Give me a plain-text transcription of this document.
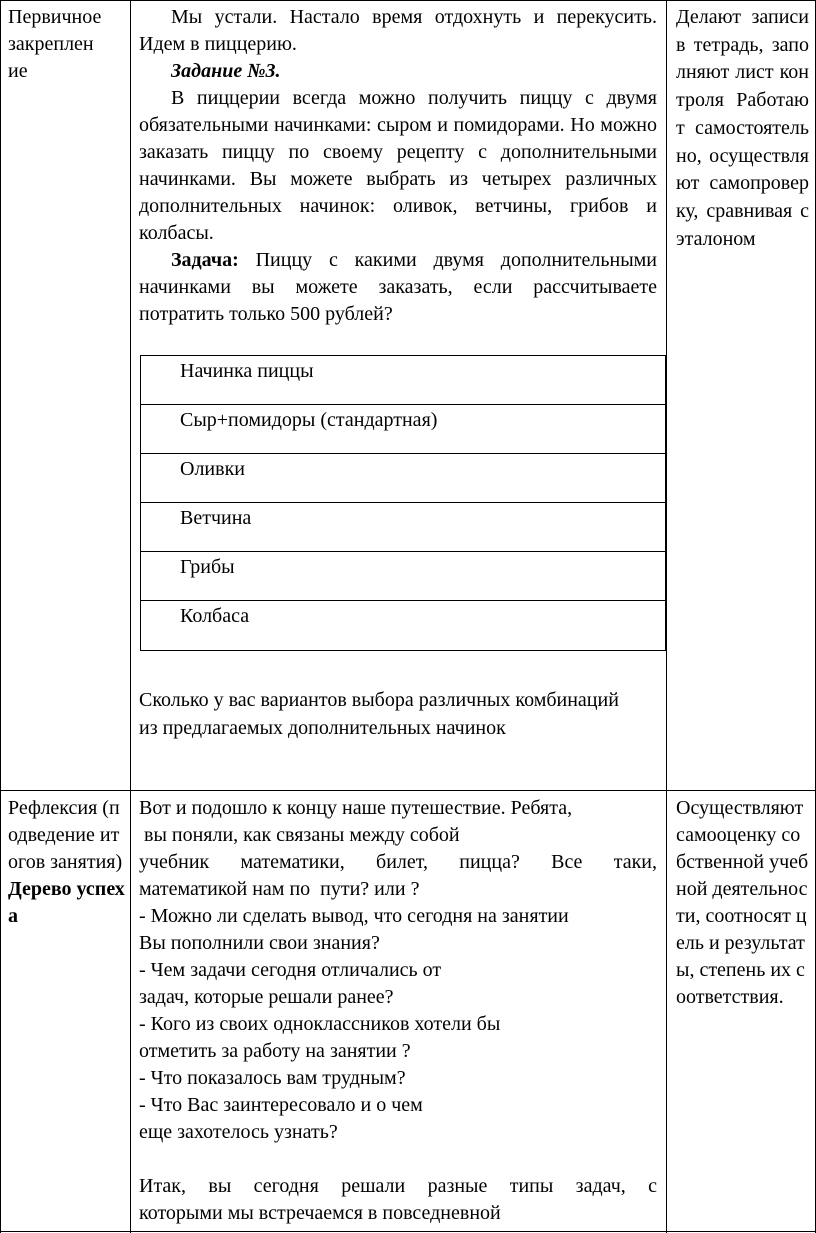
Первичное
закреплен
ие

Мы устали. Настало время отдохнуть и перекусить. Идем в пиццерию.

Задание №3.

В пиццерии всегда можно получить пиццу с двумя обязательными начинками: сыром и помидорами. Но можно заказать пиццу по своему рецепту с дополнительными начинками. Вы можете выбрать из четырех различных дополнительных начинок: оливок, ветчины, грибов и колбасы.

Задача: Пиццу с какими двумя дополнительными начинками вы можете заказать, если рассчитываете потратить только 500 рублей?

Начинка пиццы
Сыр+помидоры (стандартная)
Оливки
Ветчина
Грибы
Колбаса
Сколько у вас вариантов выбора различных комбинаций из предлагаемых дополнительных начинок
Делают записи в тетрадь, заполняют лист контроля Работают самостоятельно, осуществляют самопроверку, сравнивая с эталоном
Рефлексия (подведение итогов занятия)Дерево успеха

Вот и подошло к концу наше путешествие. Ребята,

вы поняли, как связаны между собой

учебник математики, билет, пицца? Все таки,

математикой нам по  пути? или ?

- Можно ли сделать вывод, что сегодня на занятии

Вы пополнили свои знания?

- Чем задачи сегодня отличались от

задач, которые решали ранее?

- Кого из своих одноклассников хотели бы

отметить за работу на занятии ?

- Что показалось вам трудным?

- Что Вас заинтересовало и о чем

еще захотелось узнать?

Итак, вы сегодня решали разные типы задач, с

которыми мы встречаемся в повседневной

Осуществляют самооценку собственной учебной деятельности, соотносят цель и результаты, степень их соответствия.
